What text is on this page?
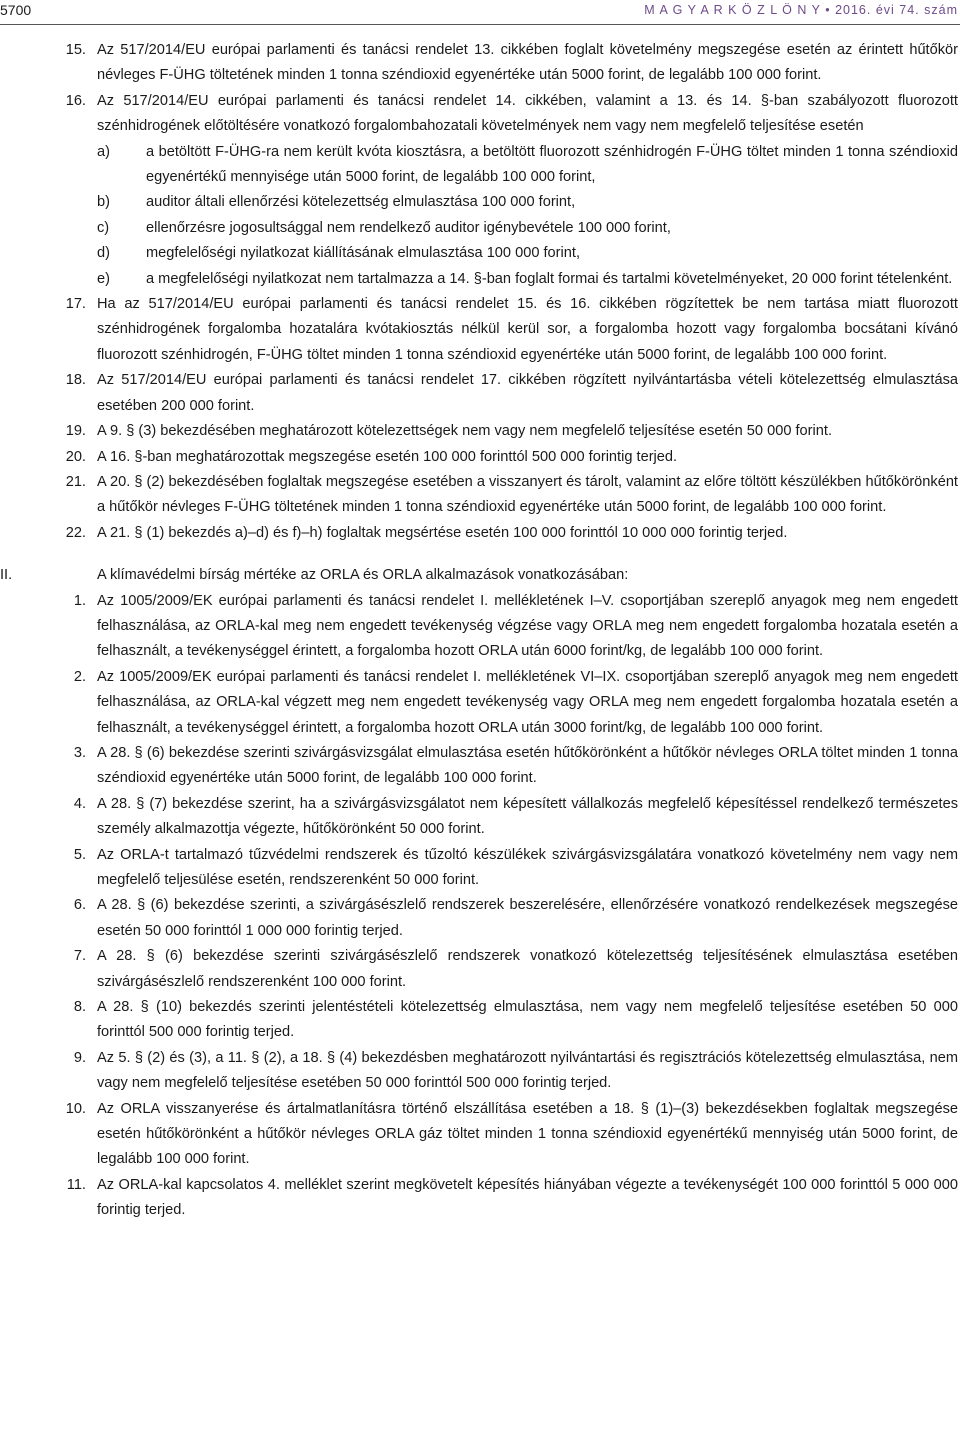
5700	M A G Y A R K Ö Z L Ö N Y • 2016. évi 74. szám
15. Az 517/2014/EU európai parlamenti és tanácsi rendelet 13. cikkében foglalt követelmény megszegése esetén az érintett hűtőkör névleges F-ÜHG töltetének minden 1 tonna széndioxid egyenértéke után 5000 forint, de legalább 100 000 forint.
16. Az 517/2014/EU európai parlamenti és tanácsi rendelet 14. cikkében, valamint a 13. és 14. §-ban szabályozott fluorozott szénhidrogének előtöltésére vonatkozó forgalombahozatali követelmények nem vagy nem megfelelő teljesítése esetén
a) a betöltött F-ÜHG-ra nem került kvóta kiosztásra, a betöltött fluorozott szénhidrogén F-ÜHG töltet minden 1 tonna széndioxid egyenértékű mennyisége után 5000 forint, de legalább 100 000 forint,
b) auditor általi ellenőrzési kötelezettség elmulasztása 100 000 forint,
c)	ellenőrzésre jogosultsággal nem rendelkező auditor igénybevétele 100 000 forint,
d) megfelelőségi nyilatkozat kiállításának elmulasztása 100 000 forint,
e) a megfelelőségi nyilatkozat nem tartalmazza a 14. §-ban foglalt formai és tartalmi követelményeket, 20 000 forint tételenként.
17. Ha az 517/2014/EU európai parlamenti és tanácsi rendelet 15. és 16. cikkében rögzítettek be nem tartása miatt fluorozott szénhidrogének forgalomba hozatalára kvótakiosztás nélkül kerül sor, a forgalomba hozott vagy forgalomba bocsátani kívánó fluorozott szénhidrogén, F-ÜHG töltet minden 1 tonna széndioxid egyenértéke után 5000 forint, de legalább 100 000 forint.
18. Az 517/2014/EU európai parlamenti és tanácsi rendelet 17. cikkében rögzített nyilvántartásba vételi kötelezettség elmulasztása esetében 200 000 forint.
19. A 9. § (3) bekezdésében meghatározott kötelezettségek nem vagy nem megfelelő teljesítése esetén 50 000 forint.
20. A 16. §-ban meghatározottak megszegése esetén 100 000 forinttól 500 000 forintig terjed.
21. A 20. § (2) bekezdésében foglaltak megszegése esetében a visszanyert és tárolt, valamint az előre töltött készülékben hűtőkörönként a hűtőkör névleges F-ÜHG töltetének minden 1 tonna széndioxid egyenértéke után 5000 forint, de legalább 100 000 forint.
22. A 21. § (1) bekezdés a)–d) és f)–h) foglaltak megsértése esetén 100 000 forinttól 10 000 000 forintig terjed.
II.	A klímavédelmi bírság mértéke az ORLA és ORLA alkalmazások vonatkozásában:
1. Az 1005/2009/EK európai parlamenti és tanácsi rendelet I. mellékletének I–V. csoportjában szereplő anyagok meg nem engedett felhasználása, az ORLA-kal meg nem engedett tevékenység végzése vagy ORLA meg nem engedett forgalomba hozatala esetén a felhasznált, a tevékenységgel érintett, a forgalomba hozott ORLA után 6000 forint/kg, de legalább 100 000 forint.
2. Az 1005/2009/EK európai parlamenti és tanácsi rendelet I. mellékletének VI–IX. csoportjában szereplő anyagok meg nem engedett felhasználása, az ORLA-kal végzett meg nem engedett tevékenység vagy ORLA meg nem engedett forgalomba hozatala esetén a felhasznált, a tevékenységgel érintett, a forgalomba hozott ORLA után 3000 forint/kg, de legalább 100 000 forint.
3. A 28. § (6) bekezdése szerinti szivárgásvizsgálat elmulasztása esetén hűtőkörönként a hűtőkör névleges ORLA töltet minden 1 tonna széndioxid egyenértéke után 5000 forint, de legalább 100 000 forint.
4. A 28. § (7) bekezdése szerint, ha a szivárgásvizsgálatot nem képesített vállalkozás megfelelő képesítéssel rendelkező természetes személy alkalmazottja végezte, hűtőkörönként 50 000 forint.
5. Az ORLA-t tartalmazó tűzvédelmi rendszerek és tűzoltó készülékek szivárgásvizsgálatára vonatkozó követelmény nem vagy nem megfelelő teljesülése esetén, rendszerenként 50 000 forint.
6. A 28. § (6) bekezdése szerinti, a szivárgásészlelő rendszerek beszerelésére, ellenőrzésére vonatkozó rendelkezések megszegése esetén 50 000 forinttól 1 000 000 forintig terjed.
7. A 28. § (6) bekezdése szerinti szivárgásészlelő rendszerek vonatkozó kötelezettség teljesítésének elmulasztása esetében szivárgásészlelő rendszerenként 100 000 forint.
8. A 28. § (10) bekezdés szerinti jelentéstételi kötelezettség elmulasztása, nem vagy nem megfelelő teljesítése esetében 50 000 forinttól 500 000 forintig terjed.
9. Az 5. § (2) és (3), a 11. § (2), a 18. § (4) bekezdésben meghatározott nyilvántartási és regisztrációs kötelezettség elmulasztása, nem vagy nem megfelelő teljesítése esetében 50 000 forinttól 500 000 forintig terjed.
10. Az ORLA visszanyerése és ártalmatlanításra történő elszállítása esetében a 18. § (1)–(3) bekezdésekben foglaltak megszegése esetén hűtőkörönként a hűtőkör névleges ORLA gáz töltet minden 1 tonna széndioxid egyenértékű mennyiség után 5000 forint, de legalább 100 000 forint.
11. Az ORLA-kal kapcsolatos 4. melléklet szerint megkövetelt képesítés hiányában végezte a tevékenységét 100 000 forinttól 5 000 000 forintig terjed.
